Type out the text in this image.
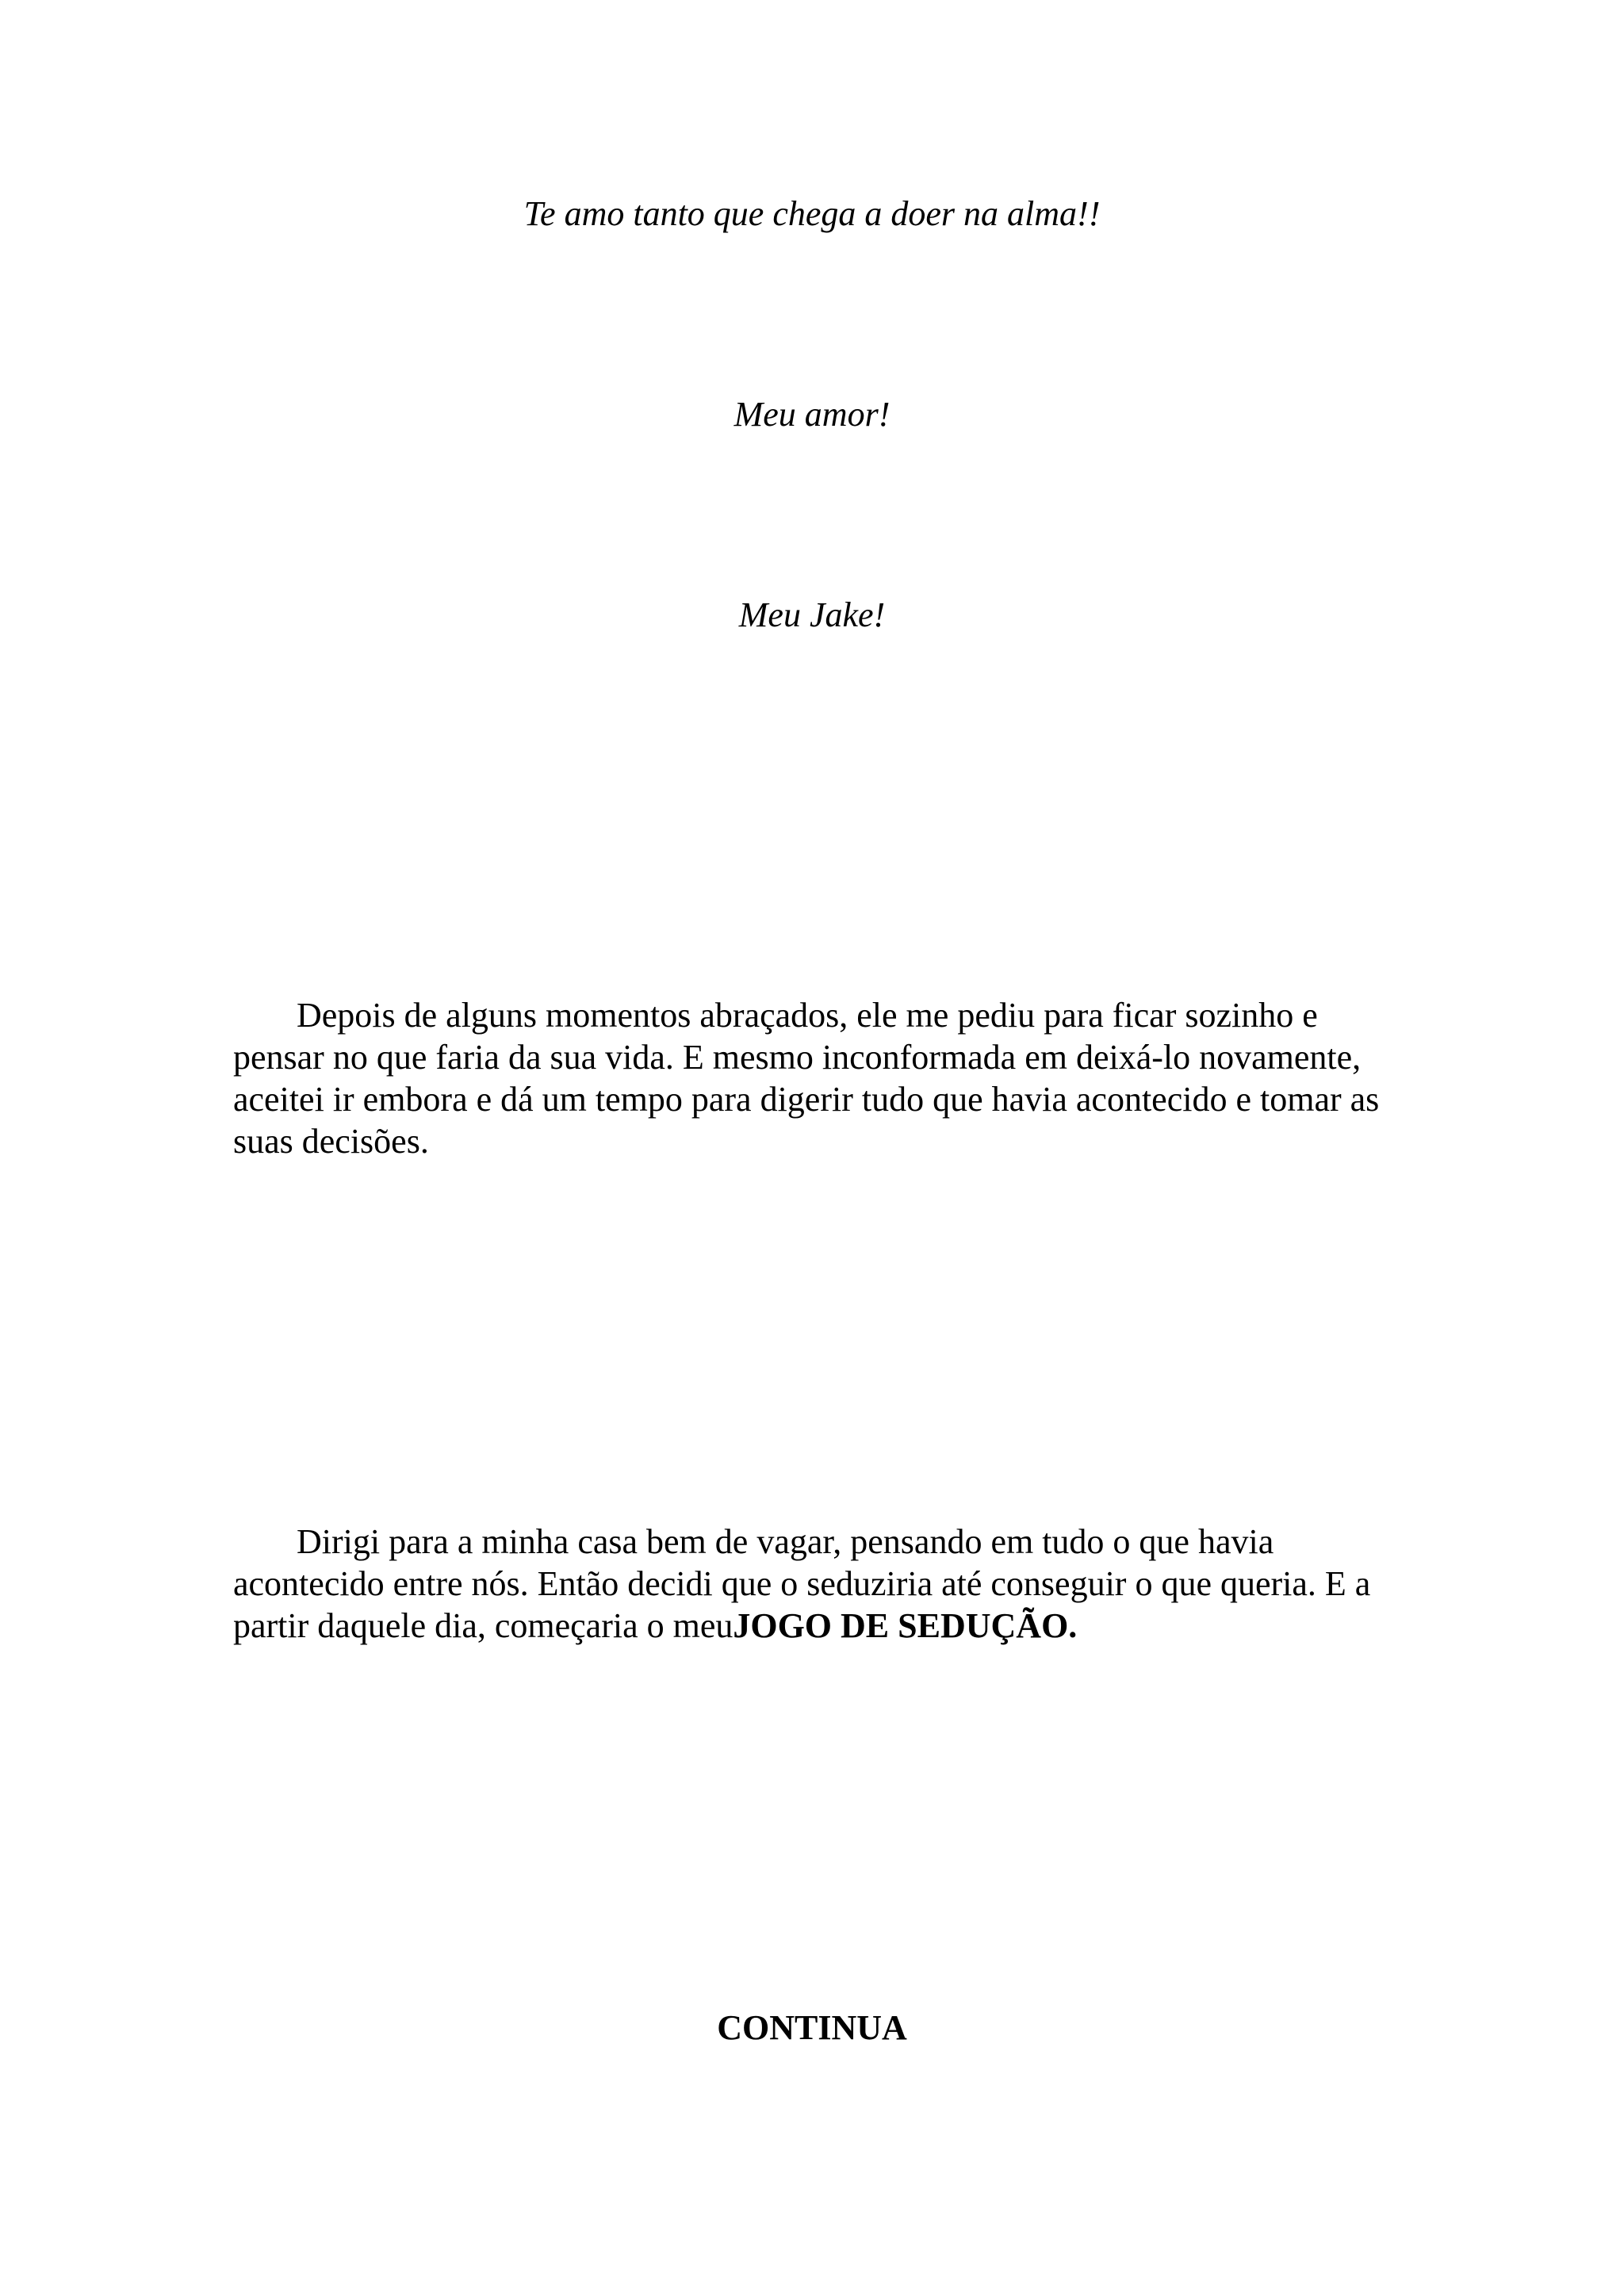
Te amo tanto que chega a doer na alma!!

Meu amor!

Meu Jake!

Depois de alguns momentos abraçados, ele me pediu para ficar sozinho e pensar no que faria da sua vida. E mesmo inconformada em deixá-lo novamente, aceitei ir embora e dá um tempo para digerir tudo que havia acontecido e tomar as suas decisões.

Dirigi para a minha casa bem de vagar, pensando em tudo o que havia acontecido entre nós. Então decidi que o seduziria até conseguir o que queria. E a partir daquele dia, começaria o meuJOGO DE SEDUÇÃO.

CONTINUA
